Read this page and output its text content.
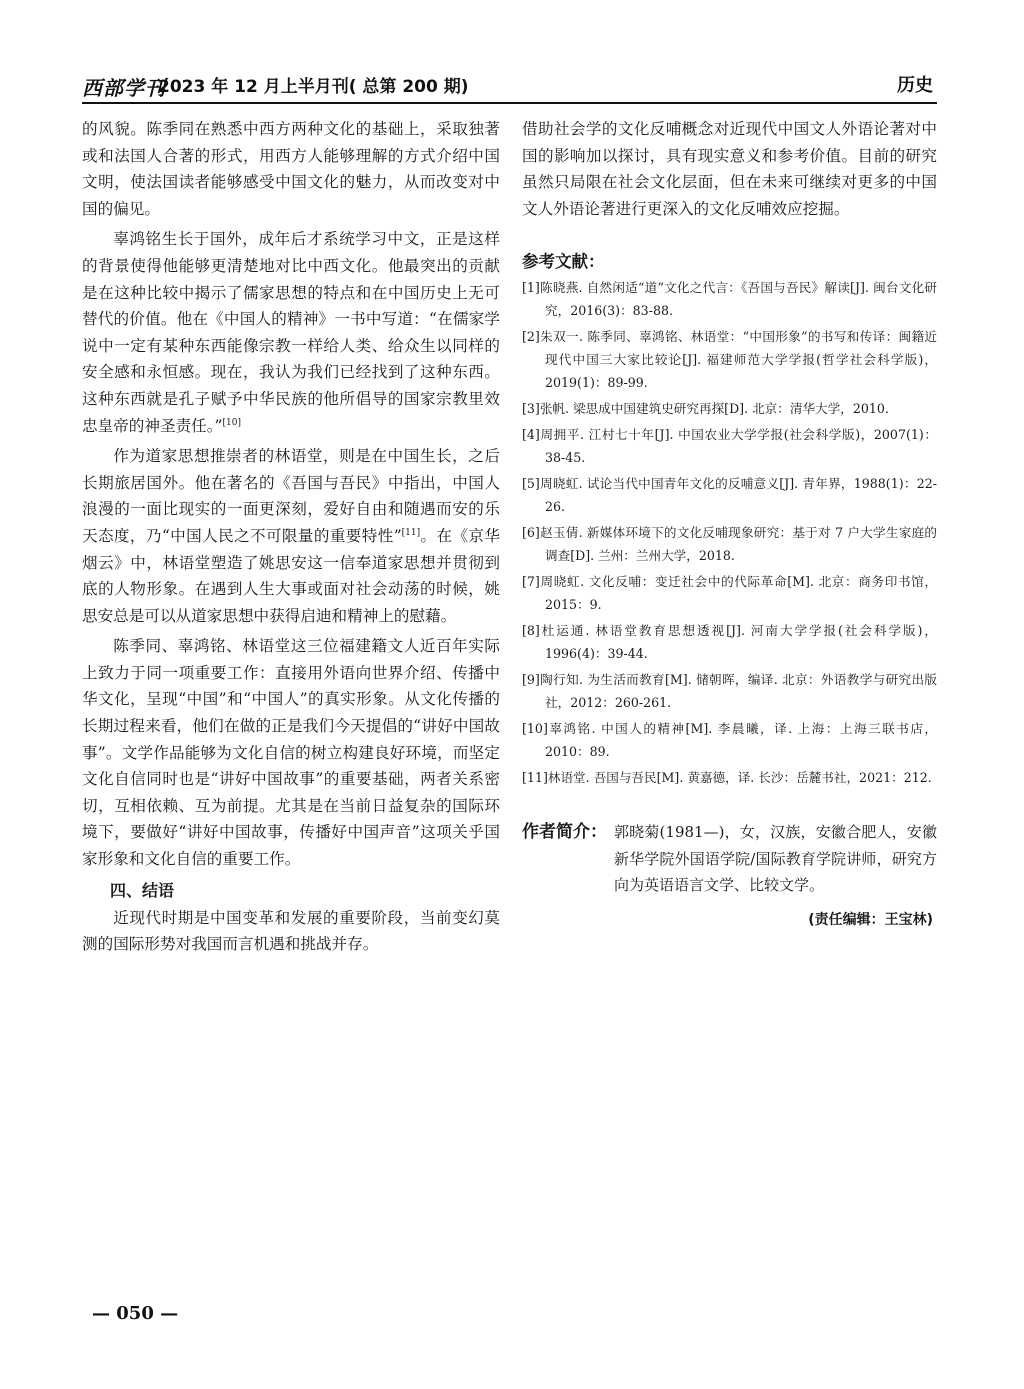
西部学刊
2023 年 12 月上半月刊( 总第 200 期)	历史

的风貌。陈季同在熟悉中西方两种文化的基础上，采取独著或和法国人合著的形式，用西方人能够理解的方式介绍中国文明，使法国读者能够感受中国文化的魅力，从而改变对中国的偏见。

辜鸿铭生长于国外，成年后才系统学习中文，正是这样的背景使得他能够更清楚地对比中西文化。他最突出的贡献是在这种比较中揭示了儒家思想的特点和在中国历史上无可替代的价值。他在《中国人的精神》一书中写道：“在儒家学说中一定有某种东西能像宗教一样给人类、给众生以同样的安全感和永恒感。现在，我认为我们已经找到了这种东西。这种东西就是孔子赋予中华民族的他所倡导的国家宗教里效忠皇帝的神圣责任。”[10]

作为道家思想推崇者的林语堂，则是在中国生长，之后长期旅居国外。他在著名的《吾国与吾民》中指出，中国人浪漫的一面比现实的一面更深刻，爱好自由和随遇而安的乐天态度，乃“中国人民之不可限量的重要特性”[11]。在《京华烟云》中，林语堂塑造了姚思安这一信奉道家思想并贯彻到底的人物形象。在遇到人生大事或面对社会动荡的时候，姚思安总是可以从道家思想中获得启迪和精神上的慰藉。

陈季同、辜鸿铭、林语堂这三位福建籍文人近百年实际上致力于同一项重要工作：直接用外语向世界介绍、传播中华文化，呈现“中国”和“中国人”的真实形象。从文化传播的长期过程来看，他们在做的正是我们今天提倡的“讲好中国故事”。文学作品能够为文化自信的树立构建良好环境，而坚定文化自信同时也是“讲好中国故事”的重要基础，两者关系密切，互相依赖、互为前提。尤其是在当前日益复杂的国际环境下，要做好“讲好中国故事，传播好中国声音”这项关乎国家形象和文化自信的重要工作。

四、结语

近现代时期是中国变革和发展的重要阶段，当前变幻莫测的国际形势对我国而言机遇和挑战并存。

借助社会学的文化反哺概念对近现代中国文人外语论著对中国的影响加以探讨，具有现实意义和参考价值。目前的研究虽然只局限在社会文化层面，但在未来可继续对更多的中国文人外语论著进行更深入的文化反哺效应挖掘。

参考文献：

[1]陈晓燕. 自然闲适“道”文化之代言：《吾国与吾民》解读[J]. 闽台文化研究，2016(3)：83-88.

[2]朱双一. 陈季同、辜鸿铭、林语堂：“中国形象”的书写和传译：闽籍近现代中国三大家比较论[J]. 福建师范大学学报(哲学社会科学版)，2019(1)：89-99.

[3]张帆. 梁思成中国建筑史研究再探[D]. 北京：清华大学，2010.

[4]周拥平. 江村七十年[J]. 中国农业大学学报(社会科学版)，2007(1)：38-45.

[5]周晓虹. 试论当代中国青年文化的反哺意义[J]. 青年界，1988(1)：22-26.

[6]赵玉倩. 新媒体环境下的文化反哺现象研究：基于对 7 户大学生家庭的调查[D]. 兰州：兰州大学，2018.

[7]周晓虹. 文化反哺：变迁社会中的代际革命[M]. 北京：商务印书馆，2015：9.

[8]杜运通. 林语堂教育思想透视[J]. 河南大学学报(社会科学版)，1996(4)：39-44.

[9]陶行知. 为生活而教育[M]. 储朝晖，编译. 北京：外语教学与研究出版社，2012：260-261.

[10]辜鸿铭. 中国人的精神[M]. 李晨曦，译. 上海：上海三联书店，2010：89.

[11]林语堂. 吾国与吾民[M]. 黄嘉德，译. 长沙：岳麓书社，2021：212.

作者简介： 郭晓菊(1981—)，女，汉族，安徽合肥人，安徽新华学院外国语学院/国际教育学院讲师，研究方向为英语语言文学、比较文学。
(责任编辑：王宝林)
— 050 —
